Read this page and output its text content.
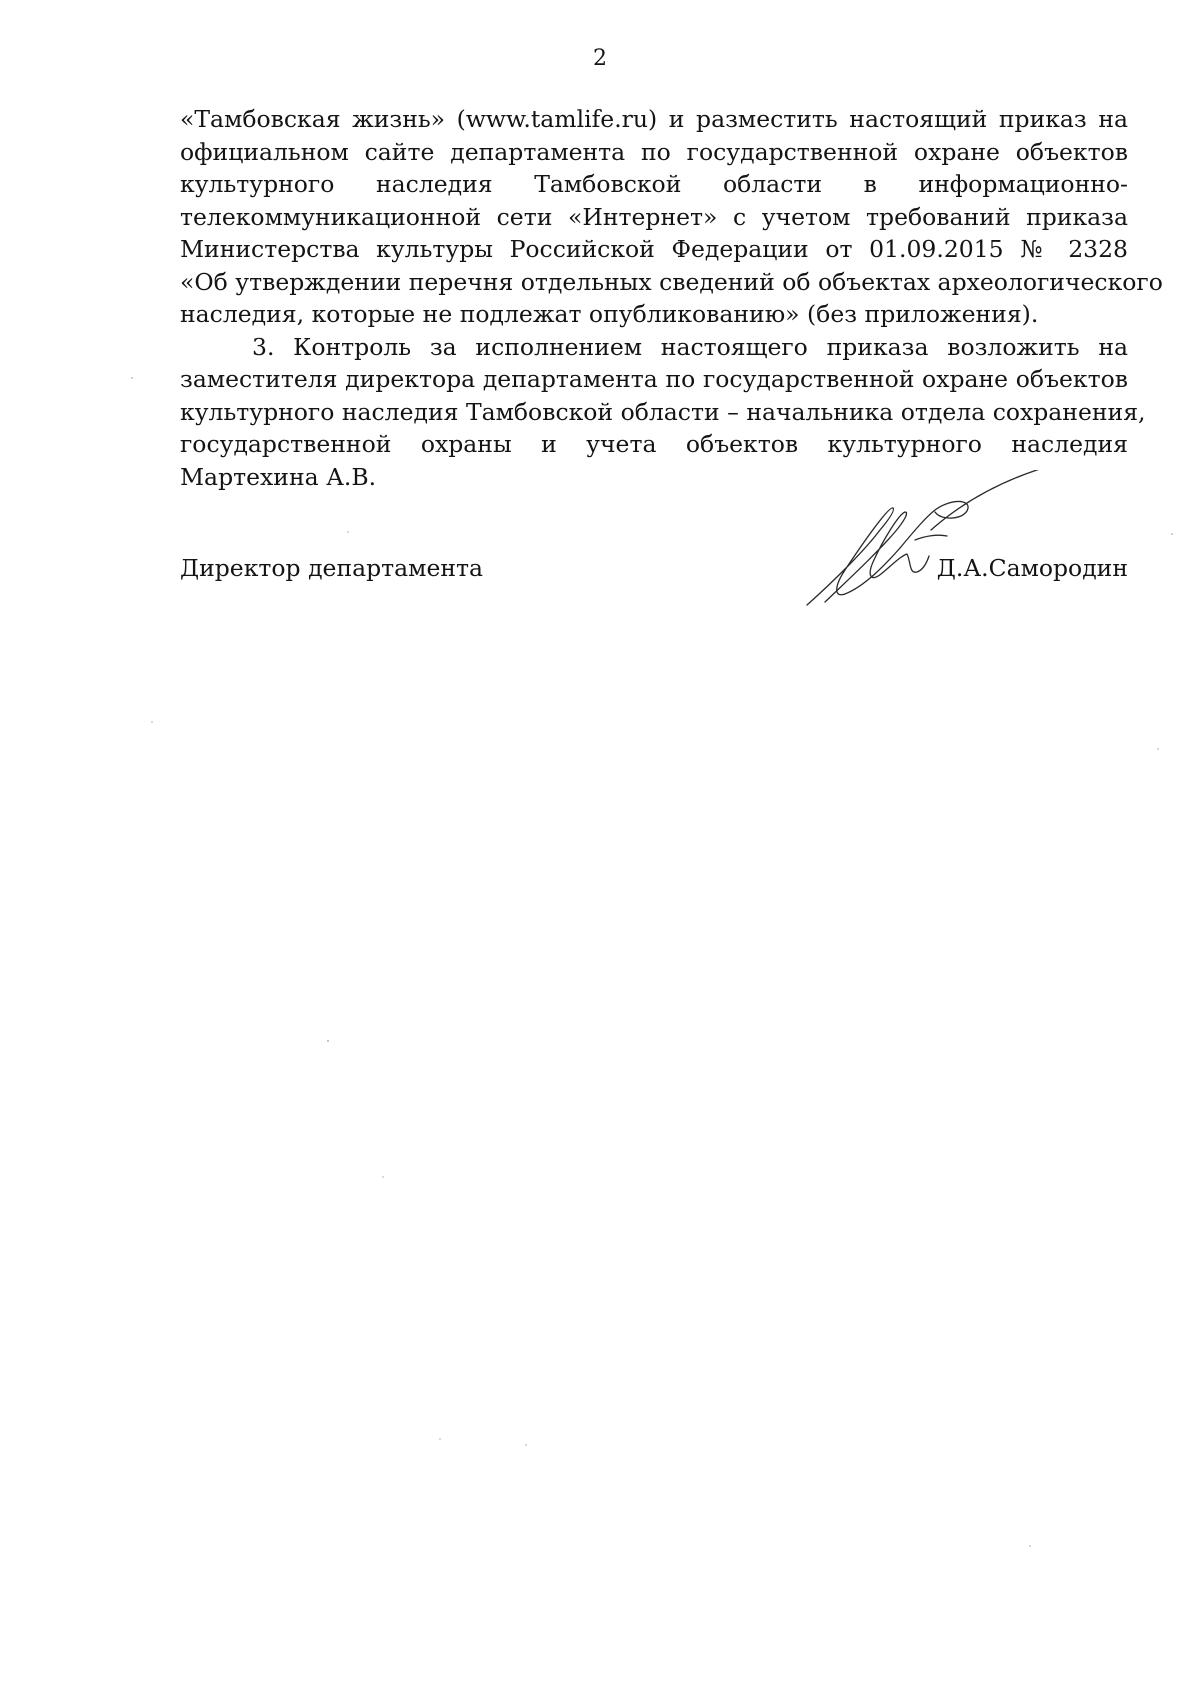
2
«Тамбовская жизнь» (www.tamlife.ru) и разместить настоящий приказ на
официальном сайте департамента по государственной охране объектов
культурного наследия Тамбовской области в информационно-
телекоммуникационной сети «Интернет» с учетом требований приказа
Министерства культуры Российской Федерации от 01.09.2015 № 2328
«Об утверждении перечня отдельных сведений об объектах археологического
наследия, которые не подлежат опубликованию» (без приложения).
3. Контроль за исполнением настоящего приказа возложить на
заместителя директора департамента по государственной охране объектов
культурного наследия Тамбовской области – начальника отдела сохранения,
государственной охраны и учета объектов культурного наследия
Мартехина А.В.
Директор департамента	Д.А.Самородин
